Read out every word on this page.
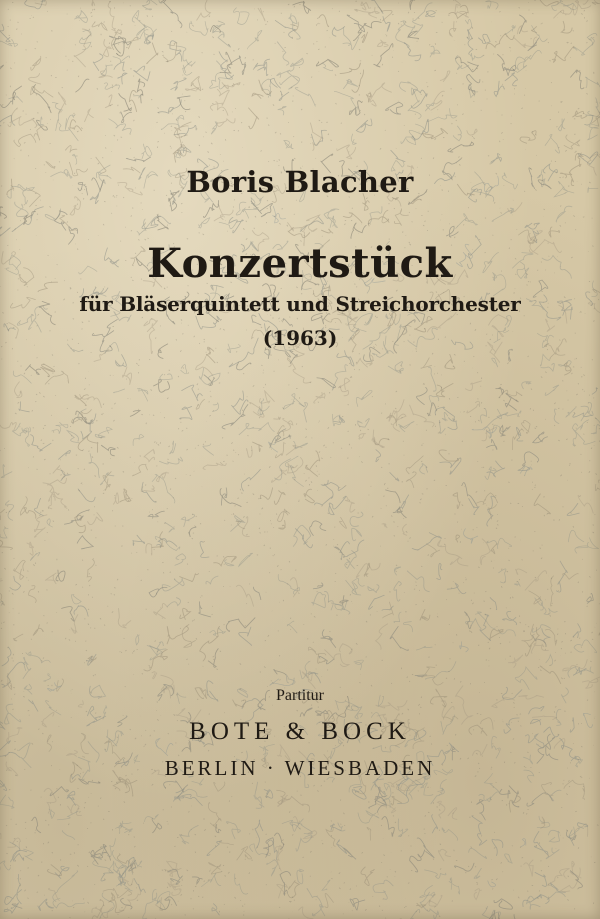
Boris Blacher
Konzertstück
für Bläserquintett und Streichorchester
(1963)
Partitur
BOTE & BOCK
BERLIN · WIESBADEN
